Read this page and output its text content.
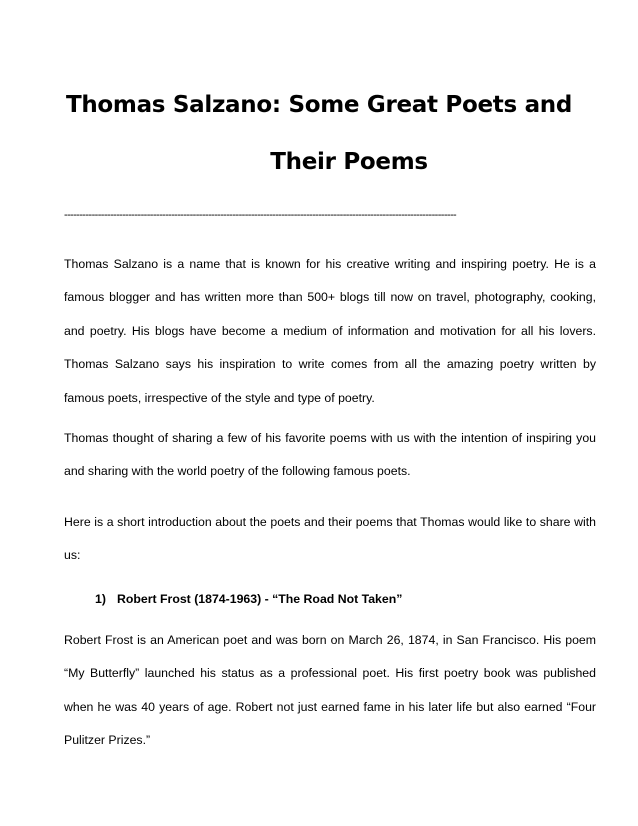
Thomas Salzano: Some Great Poets and
Their Poems
--------------------------------------------------------------------------------------------------------------------------------

Thomas Salzano is a name that is known for his creative writing and inspiring poetry. He is a famous blogger and has written more than 500+ blogs till now on travel, photography, cooking, and poetry. His blogs have become a medium of information and motivation for all his lovers. Thomas Salzano says his inspiration to write comes from all the amazing poetry written by famous poets, irrespective of the style and type of poetry.

Thomas thought of sharing a few of his favorite poems with us with the intention of inspiring you and sharing with the world poetry of the following famous poets.

Here is a short introduction about the poets and their poems that Thomas would like to share with us:

1) Robert Frost (1874-1963) - “The Road Not Taken”

Robert Frost is an American poet and was born on March 26, 1874, in San Francisco. His poem “My Butterfly” launched his status as a professional poet. His first poetry book was published when he was 40 years of age. Robert not just earned fame in his later life but also earned “Four Pulitzer Prizes.”
